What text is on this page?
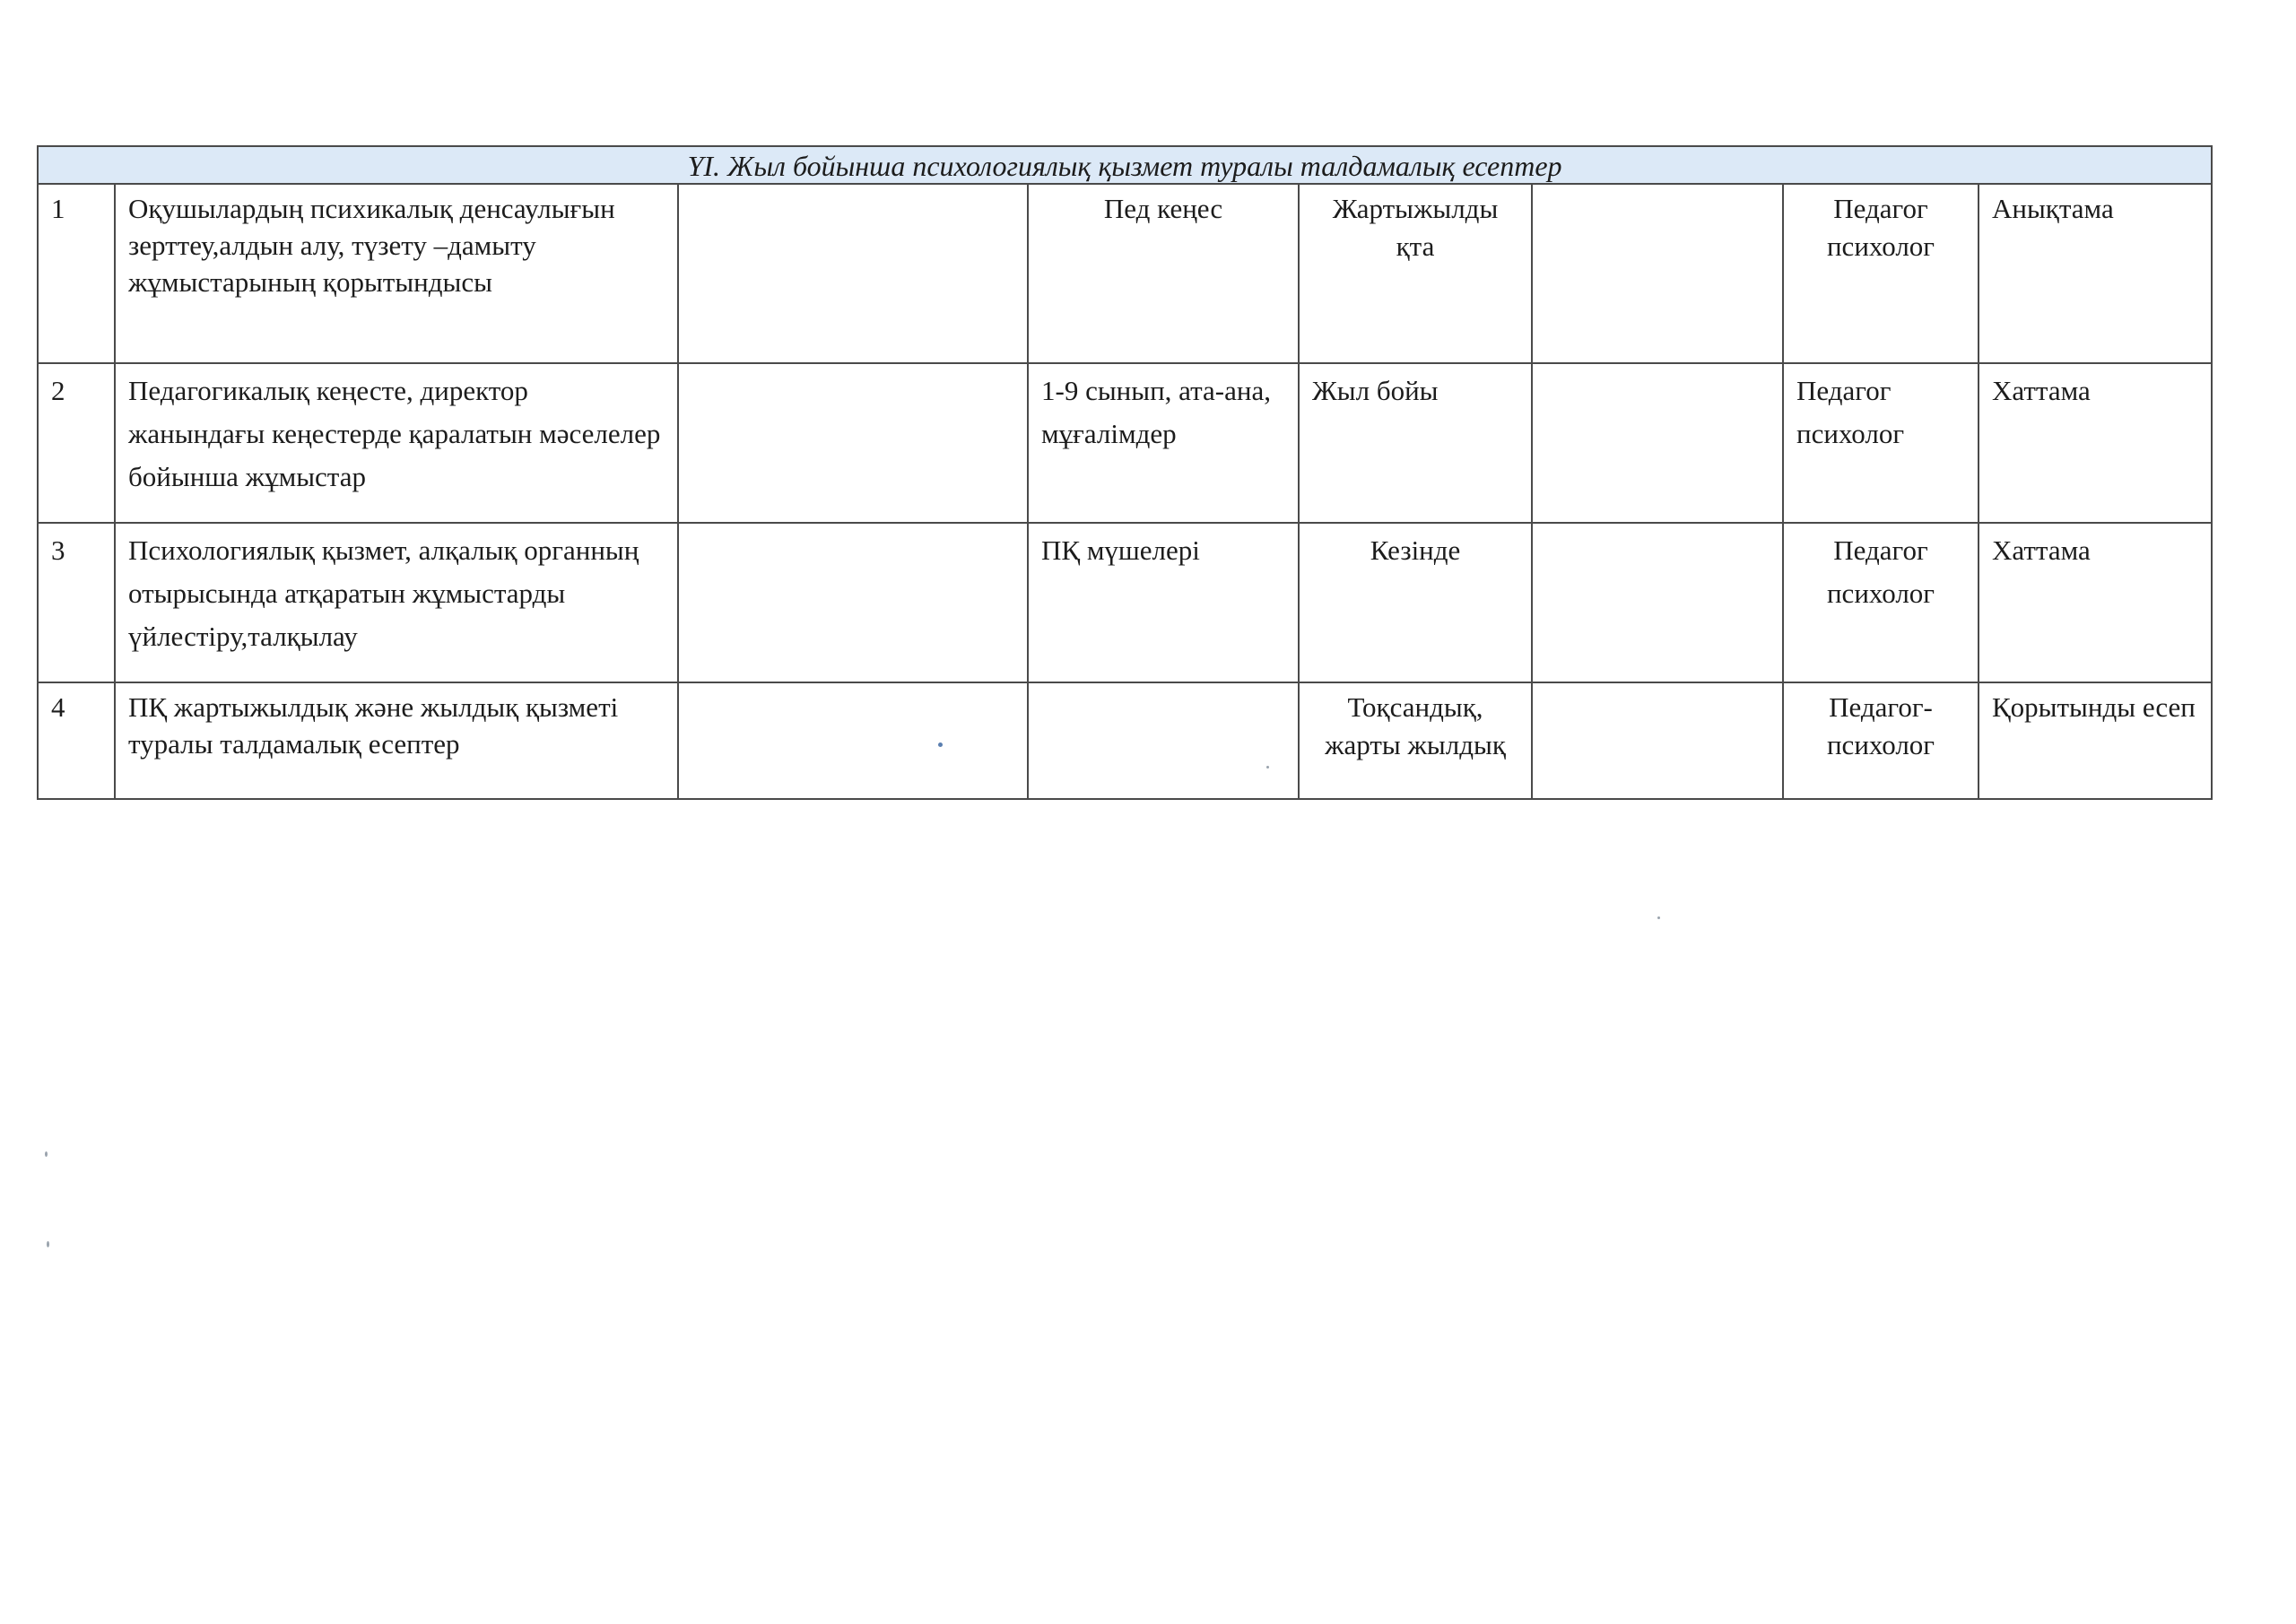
YI. Жыл бойынша психологиялық қызмет туралы талдамалық есептер							
1	Оқушылардың психикалық денсаулығын зерттеу,алдын алу, түзету –дамыту жұмыстарының қорытындысы		Пед кеңес	Жартыжылды қта		Педагог психолог	Анықтама
2	Педагогикалық кеңесте, директор жанындағы кеңестерде қаралатын мәселелер бойынша жұмыстар		1-9 сынып, ата-ана, мұғалімдер	Жыл бойы		Педагог психолог	Хаттама
3	Психологиялық қызмет, алқалық органның отырысында атқаратын жұмыстарды үйлестіру,талқылау		ПҚ мүшелері	Кезінде		Педагог психолог	Хаттама
4	ПҚ жартыжылдық және жылдық қызметі туралы талдамалық есептер			Тоқсандық, жарты жылдық		Педагог-психолог	Қорытынды есеп
